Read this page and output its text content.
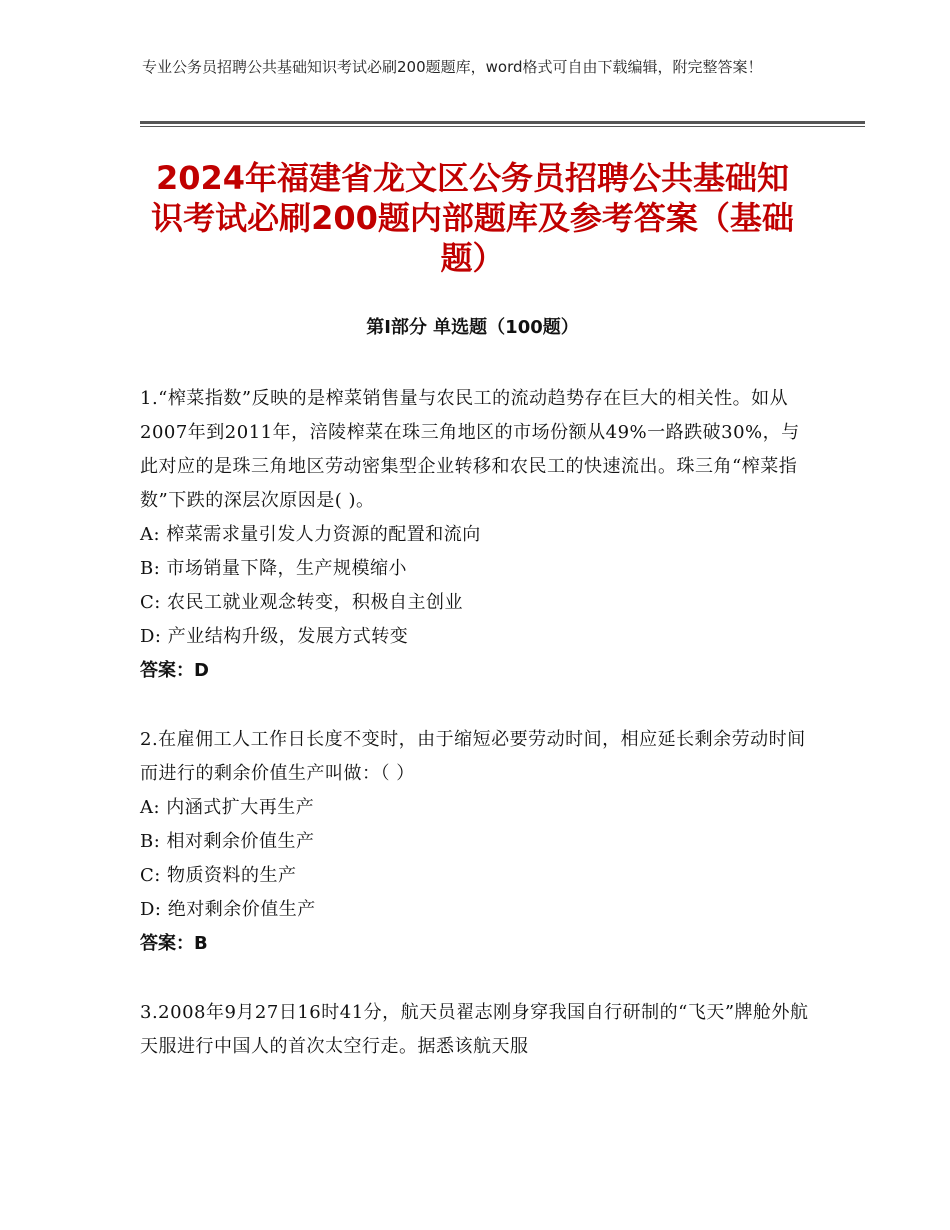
专业公务员招聘公共基础知识考试必刷200题题库，word格式可自由下载编辑，附完整答案！
2024年福建省龙文区公务员招聘公共基础知识考试必刷200题内部题库及参考答案（基础题）
第Ⅰ部分 单选题（100题）

1.“榨菜指数”反映的是榨菜销售量与农民工的流动趋势存在巨大的相关性。如从2007年到2011年，涪陵榨菜在珠三角地区的市场份额从49%一路跌破30%，与此对应的是珠三角地区劳动密集型企业转移和农民工的快速流出。珠三角“榨菜指数”下跌的深层次原因是( )。

A: 榨菜需求量引发人力资源的配置和流向

B: 市场销量下降，生产规模缩小

C: 农民工就业观念转变，积极自主创业

D: 产业结构升级，发展方式转变

答案：D

2.在雇佣工人工作日长度不变时，由于缩短必要劳动时间，相应延长剩余劳动时间而进行的剩余价值生产叫做：（ ）

A: 内涵式扩大再生产

B: 相对剩余价值生产

C: 物质资料的生产

D: 绝对剩余价值生产

答案：B

3.2008年9月27日16时41分，航天员翟志刚身穿我国自行研制的“飞天”牌舱外航天服进行中国人的首次太空行走。据悉该航天服
